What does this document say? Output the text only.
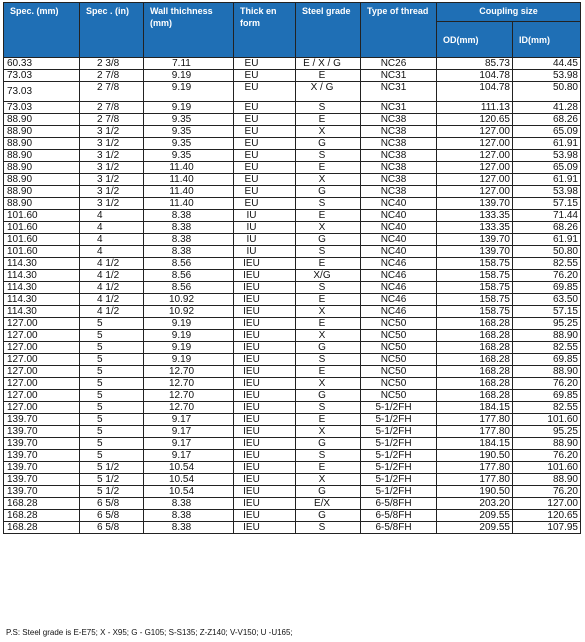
Spec. (mm)	Spec . (in)	Wall thichness (mm)	Thick en form	Steel grade	Type of thread	Coupling size	
						OD(mm)	ID(mm)
60.33	2 3/8	7.11	EU	E / X / G	NC26	85.73	44.45
73.03	2 7/8	9.19	EU	E	NC31	104.78	53.98
73.03	2 7/8	9.19	EU	X / G	NC31	104.78	50.80
73.03	2 7/8	9.19	EU	S	NC31	111.13	41.28
88.90	2 7/8	9.35	EU	E	NC38	120.65	68.26
88.90	3 1/2	9.35	EU	X	NC38	127.00	65.09
88.90	3 1/2	9.35	EU	G	NC38	127.00	61.91
88.90	3 1/2	9.35	EU	S	NC38	127.00	53.98
88.90	3 1/2	11.40	EU	E	NC38	127.00	65.09
88.90	3 1/2	11.40	EU	X	NC38	127.00	61.91
88.90	3 1/2	11.40	EU	G	NC38	127.00	53.98
88.90	3 1/2	11.40	EU	S	NC40	139.70	57.15
101.60	4	8.38	IU	E	NC40	133.35	71.44
101.60	4	8.38	IU	X	NC40	133.35	68.26
101.60	4	8.38	IU	G	NC40	139.70	61.91
101.60	4	8.38	IU	S	NC40	139.70	50.80
114.30	4 1/2	8.56	IEU	E	NC46	158.75	82.55
114.30	4 1/2	8.56	IEU	X/G	NC46	158.75	76.20
114.30	4 1/2	8.56	IEU	S	NC46	158.75	69.85
114.30	4 1/2	10.92	IEU	E	NC46	158.75	63.50
114.30	4 1/2	10.92	IEU	X	NC46	158.75	57.15
127.00	5	9.19	IEU	E	NC50	168.28	95.25
127.00	5	9.19	IEU	X	NC50	168.28	88.90
127.00	5	9.19	IEU	G	NC50	168.28	82.55
127.00	5	9.19	IEU	S	NC50	168.28	69.85
127.00	5	12.70	IEU	E	NC50	168.28	88.90
127.00	5	12.70	IEU	X	NC50	168.28	76.20
127.00	5	12.70	IEU	G	NC50	168.28	69.85
127.00	5	12.70	IEU	S	5-1/2FH	184.15	82.55
139.70	5	9.17	IEU	E	5-1/2FH	177.80	101.60
139.70	5	9.17	IEU	X	5-1/2FH	177.80	95.25
139.70	5	9.17	IEU	G	5-1/2FH	184.15	88.90
139.70	5	9.17	IEU	S	5-1/2FH	190.50	76.20
139.70	5 1/2	10.54	IEU	E	5-1/2FH	177.80	101.60
139.70	5 1/2	10.54	IEU	X	5-1/2FH	177.80	88.90
139.70	5 1/2	10.54	IEU	G	5-1/2FH	190.50	76.20
168.28	6 5/8	8.38	IEU	E/X	6-5/8FH	203.20	127.00
168.28	6 5/8	8.38	IEU	G	6-5/8FH	209.55	120.65
168.28	6 5/8	8.38	IEU	S	6-5/8FH	209.55	107.95
P.S: Steel grade is E-E75; X - X95; G - G105; S-S135; Z-Z140; V-V150; U -U165;
